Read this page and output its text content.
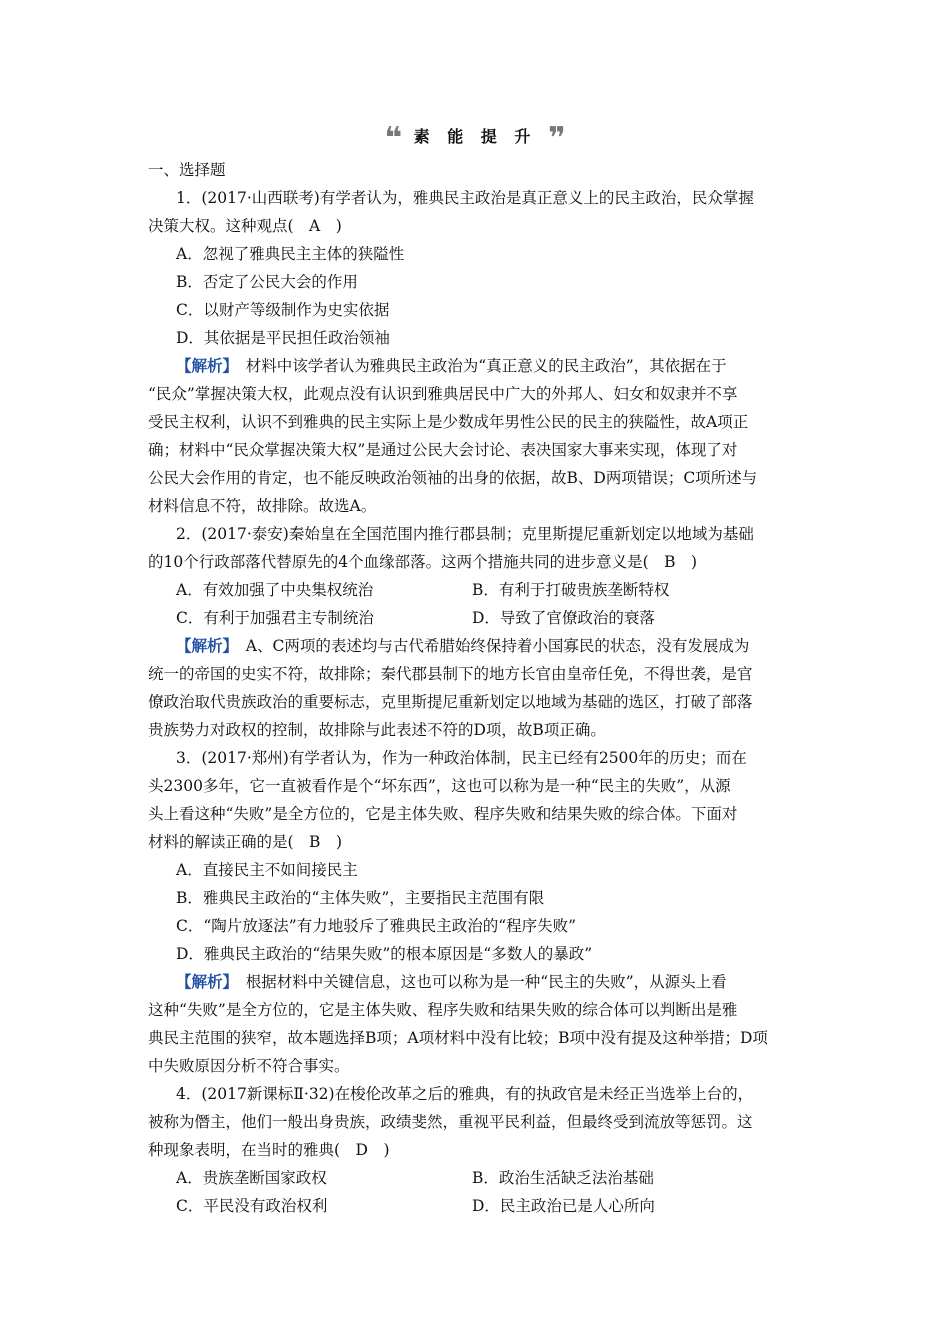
❝ 素 能 提 升 ❞
一、选择题
1．(2017·山西联考)有学者认为，雅典民主政治是真正意义上的民主政治，民众掌握
决策大权。这种观点(　A　)
A．忽视了雅典民主主体的狭隘性
B．否定了公民大会的作用
C．以财产等级制作为史实依据
D．其依据是平民担任政治领袖
【解析】　材料中该学者认为雅典民主政治为“真正意义的民主政治”，其依据在于
“民众”掌握决策大权，此观点没有认识到雅典居民中广大的外邦人、妇女和奴隶并不享
受民主权利，认识不到雅典的民主实际上是少数成年男性公民的民主的狭隘性，故A项正
确；材料中“民众掌握决策大权”是通过公民大会讨论、表决国家大事来实现，体现了对
公民大会作用的肯定，也不能反映政治领袖的出身的依据，故B、D两项错误；C项所述与
材料信息不符，故排除。故选A。
2．(2017·泰安)秦始皇在全国范围内推行郡县制；克里斯提尼重新划定以地域为基础
的10个行政部落代替原先的4个血缘部落。这两个措施共同的进步意义是(　B　)
A．有效加强了中央集权统治	B．有利于打破贵族垄断特权
C．有利于加强君主专制统治	D．导致了官僚政治的衰落
【解析】　A、C两项的表述均与古代希腊始终保持着小国寡民的状态，没有发展成为
统一的帝国的史实不符，故排除；秦代郡县制下的地方长官由皇帝任免，不得世袭，是官
僚政治取代贵族政治的重要标志，克里斯提尼重新划定以地域为基础的选区，打破了部落
贵族势力对政权的控制，故排除与此表述不符的D项，故B项正确。
3．(2017·郑州)有学者认为，作为一种政治体制，民主已经有2500年的历史；而在
头2300多年，它一直被看作是个“坏东西”，这也可以称为是一种“民主的失败”，从源
头上看这种“失败”是全方位的，它是主体失败、程序失败和结果失败的综合体。下面对
材料的解读正确的是(　B　)
A．直接民主不如间接民主
B．雅典民主政治的“主体失败”，主要指民主范围有限
C．“陶片放逐法”有力地驳斥了雅典民主政治的“程序失败”
D．雅典民主政治的“结果失败”的根本原因是“多数人的暴政”
【解析】　根据材料中关键信息，这也可以称为是一种“民主的失败”，从源头上看
这种“失败”是全方位的，它是主体失败、程序失败和结果失败的综合体可以判断出是雅
典民主范围的狭窄，故本题选择B项；A项材料中没有比较；B项中没有提及这种举措；D项
中失败原因分析不符合事实。
4．(2017新课标Ⅱ·32)在梭伦改革之后的雅典，有的执政官是未经正当选举上台的，
被称为僭主，他们一般出身贵族，政绩斐然，重视平民利益，但最终受到流放等惩罚。这
种现象表明，在当时的雅典(　D　)
A．贵族垄断国家政权	B．政治生活缺乏法治基础
C．平民没有政治权利	D．民主政治已是人心所向
